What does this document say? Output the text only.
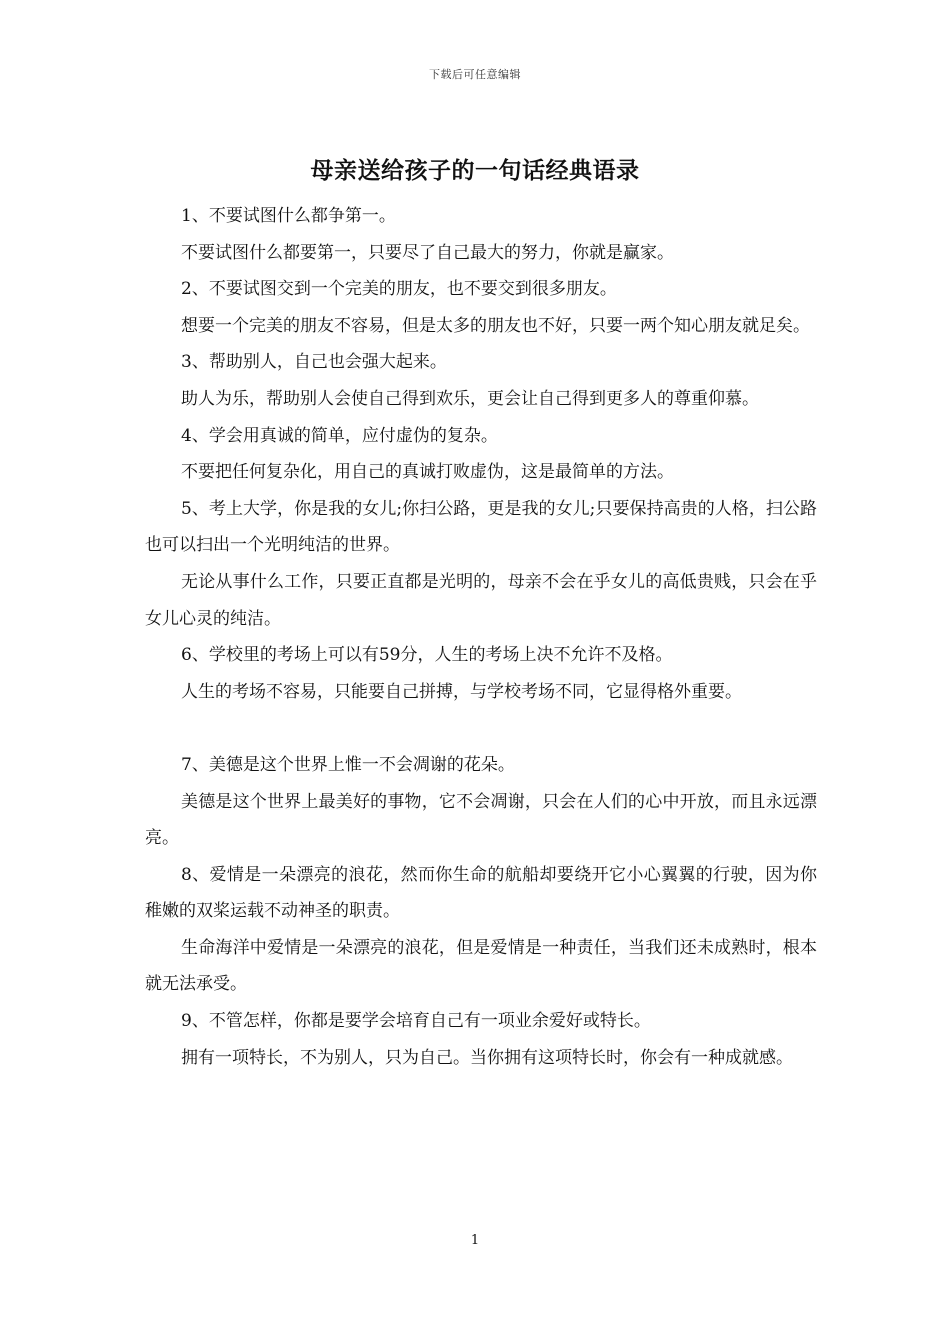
下载后可任意编辑
母亲送给孩子的一句话经典语录

1、不要试图什么都争第一。

不要试图什么都要第一，只要尽了自己最大的努力，你就是赢家。

2、不要试图交到一个完美的朋友，也不要交到很多朋友。

想要一个完美的朋友不容易，但是太多的朋友也不好，只要一两个知心朋友就足矣。

3、帮助别人，自己也会强大起来。

助人为乐，帮助别人会使自己得到欢乐，更会让自己得到更多人的尊重仰慕。

4、学会用真诚的简单，应付虚伪的复杂。

不要把任何复杂化，用自己的真诚打败虚伪，这是最简单的方法。

5、考上大学，你是我的女儿;你扫公路，更是我的女儿;只要保持高贵的人格，扫公路也可以扫出一个光明纯洁的世界。

无论从事什么工作，只要正直都是光明的，母亲不会在乎女儿的高低贵贱，只会在乎女儿心灵的纯洁。

6、学校里的考场上可以有59分，人生的考场上决不允许不及格。

人生的考场不容易，只能要自己拼搏，与学校考场不同，它显得格外重要。

7、美德是这个世界上惟一不会凋谢的花朵。

美德是这个世界上最美好的事物，它不会凋谢，只会在人们的心中开放，而且永远漂亮。

8、爱情是一朵漂亮的浪花，然而你生命的航船却要绕开它小心翼翼的行驶，因为你稚嫩的双桨运载不动神圣的职责。

生命海洋中爱情是一朵漂亮的浪花，但是爱情是一种责任，当我们还未成熟时，根本就无法承受。

9、不管怎样，你都是要学会培育自己有一项业余爱好或特长。

拥有一项特长，不为别人，只为自己。当你拥有这项特长时，你会有一种成就感。

1
